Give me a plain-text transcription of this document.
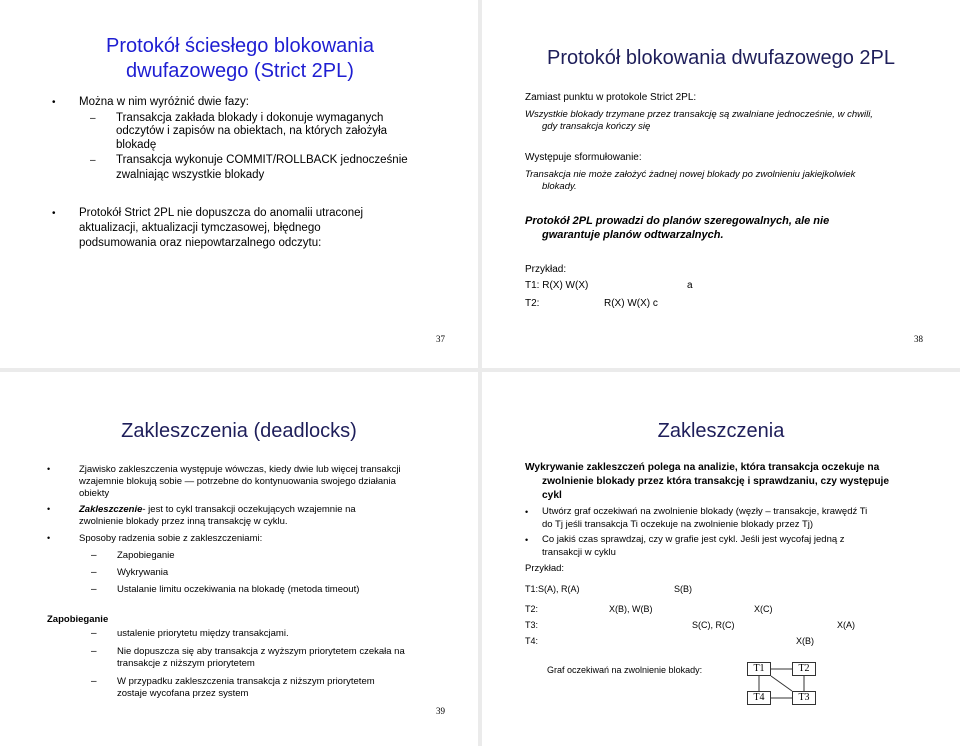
Protokół ściesłego blokowania
dwufazowego (Strict 2PL)
• Można w nim wyróżnić dwie fazy:
– Transakcja zakłada blokady i dokonuje wymaganych
odczytów i zapisów na obiektach, na których założyła
blokadę
– Transakcja wykonuje COMMIT/ROLLBACK jednocześnie
zwalniając wszystkie blokady
• Protokół Strict 2PL nie dopuszcza do anomalii utraconej
aktualizacji, aktualizacji tymczasowej, błędnego
podsumowania oraz niepowtarzalnego odczytu:
37
Protokół blokowania dwufazowego 2PL
Zamiast punktu w protokole Strict 2PL:
Wszystkie blokady trzymane przez transakcję są zwalniane jednocześnie, w chwili,
gdy transakcja kończy się
Występuje sformułowanie:
Transakcja nie może założyć żadnej nowej blokady po zwolnieniu jakiejkolwiek
blokady.
Protokół 2PL prowadzi do planów szeregowalnych, ale nie
gwarantuje planów odtwarzalnych.
Przykład:
T1: R(X) W(X)	a
T2:	R(X) W(X) c
38
Zakleszczenia (deadlocks)
•	Zjawisko zakleszczenia występuje wówczas, kiedy dwie lub więcej transakcji
wzajemnie blokują sobie — potrzebne do kontynuowania swojego działania
obiekty
•	Zakleszczenie- jest to cykl transakcji oczekujących wzajemnie na
zwolnienie blokady przez inną transakcję w cyklu.
•	Sposoby radzenia sobie z zakleszczeniami:
– Zapobieganie
– Wykrywania
– Ustalanie limitu oczekiwania na blokadę (metoda timeout)
Zapobieganie
– ustalenie priorytetu między transakcjami.
– Nie dopuszcza się aby transakcja z wyższym priorytetem czekała na
transakcje z niższym priorytetem
– W przypadku zakleszczenia transakcja z niższym priorytetem
zostaje wycofana przez system
39
Zakleszczenia
Wykrywanie zakleszczeń polega na analizie, która transakcja oczekuje na
zwolnienie blokady przez która transakcję i sprawdzaniu, czy występuje
cykl
• Utwórz graf oczekiwań na zwolnienie blokady (węzły – transakcje, krawędź Ti
do Tj jeśli transakcja Ti oczekuje na zwolnienie blokady przez Tj)
• Co jakiś czas sprawdzaj, czy w grafie jest cykl. Jeśli jest wycofaj jedną z
transakcji w cyklu
Przykład:
T1:S(A), R(A)	S(B)
T2:	X(B), W(B)	X(C)
T3:	S(C), R(C)	X(A)
T4:	X(B)
Graf oczekiwań na zwolnienie blokady:	T1	T2
T4	T3
